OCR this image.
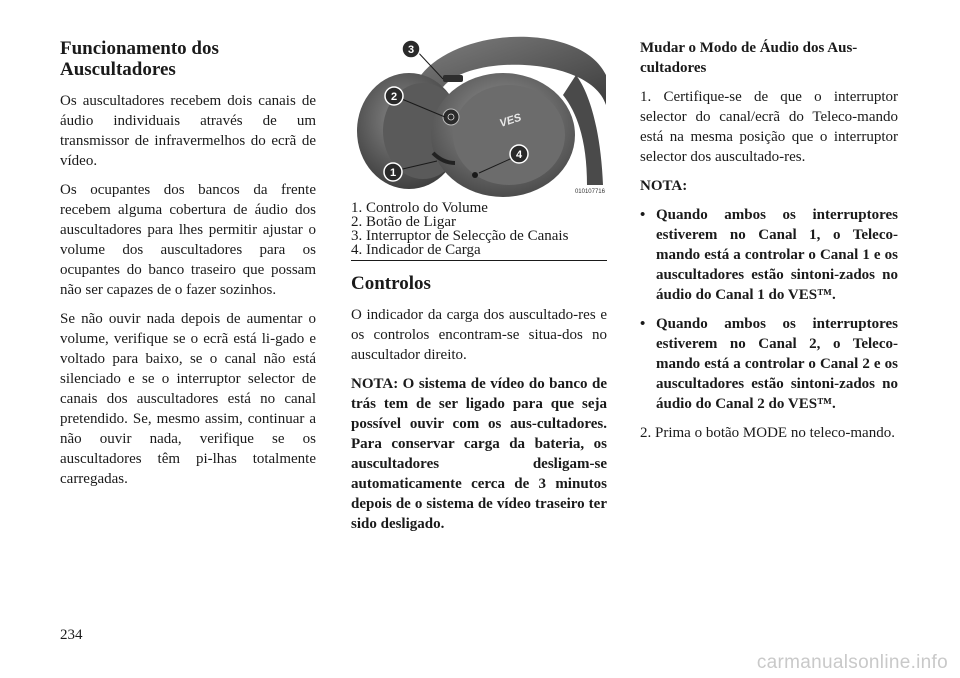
Funcionamento dos Auscultadores

Os auscultadores recebem dois canais de áudio individuais através de um transmissor de infravermelhos do ecrã de vídeo.

Os ocupantes dos bancos da frente recebem alguma cobertura de áudio dos auscultadores para lhes permitir ajustar o volume dos auscultadores para os ocupantes do banco traseiro que possam não ser capazes de o fazer sozinhos.

Se não ouvir nada depois de aumentar o volume, verifique se o ecrã está li-gado e voltado para baixo, se o canal não está silenciado e se o interruptor selector de canais dos auscultadores está no canal pretendido. Se, mesmo assim, continuar a não ouvir nada, verifique se os auscultadores têm pi-lhas totalmente carregadas.

VES
3
2
1
4
010107716
1. Controlo do Volume
2. Botão de Ligar
3. Interruptor de Selecção de Canais
4. Indicador de Carga
Controlos

O indicador da carga dos auscultado-res e os controlos encontram-se situa-dos no auscultador direito.

NOTA: O sistema de vídeo do banco de trás tem de ser ligado para que seja possível ouvir com os aus-cultadores. Para conservar carga da bateria, os auscultadores desligam-se automaticamente cerca de 3 minutos depois de o sistema de vídeo traseiro ter sido desligado.

Mudar o Modo de Áudio dos Aus-cultadores

1. Certifique-se de que o interruptor selector do canal/ecrã do Teleco-mando está na mesma posição que o interruptor selector dos auscultado-res.

NOTA:
• Quando ambos os interruptores estiverem no Canal 1, o Teleco-mando está a controlar o Canal 1 e os auscultadores estão sintoni-zados no áudio do Canal 1 do VES™.
• Quando ambos os interruptores estiverem no Canal 2, o Teleco-mando está a controlar o Canal 2 e os auscultadores estão sintoni-zados no áudio do Canal 2 do VES™.

2. Prima o botão MODE no teleco-mando.

234
carmanualsonline.info
